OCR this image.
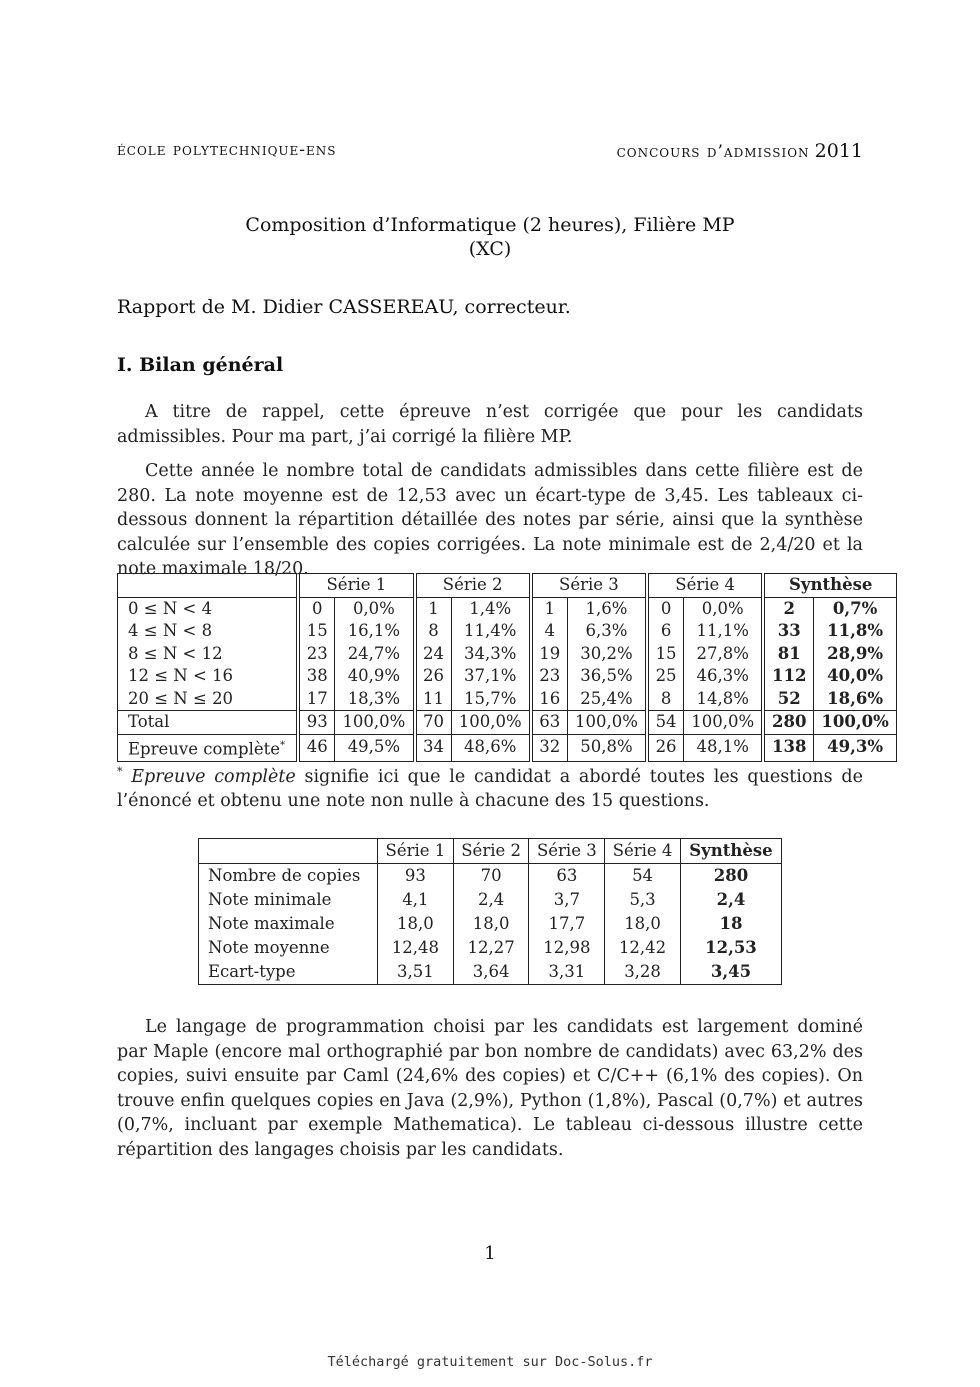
école polytechnique-ens	concours d’admission 2011
Composition d’Informatique (2 heures), Filière MP
(XC)
Rapport de M. Didier CASSEREAU, correcteur.
I. Bilan général
A titre de rappel, cette épreuve n’est corrigée que pour les candidats admissibles. Pour ma part, j’ai corrigé la filière MP.
Cette année le nombre total de candidats admissibles dans cette filière est de 280. La note moyenne est de 12,53 avec un écart-type de 3,45. Les tableaux ci-dessous donnent la répartition détaillée des notes par série, ainsi que la synthèse calculée sur l’ensemble des copies corrigées. La note minimale est de 2,4/20 et la note maximale 18/20.
	Série 1		Série 2		Série 3		Série 4		Synthèse	
0 ≤ N < 4	0	0,0%	1	1,4%	1	1,6%	0	0,0%	2	0,7%
4 ≤ N < 8	15	16,1%	8	11,4%	4	6,3%	6	11,1%	33	11,8%
8 ≤ N < 12	23	24,7%	24	34,3%	19	30,2%	15	27,8%	81	28,9%
12 ≤ N < 16	38	40,9%	26	37,1%	23	36,5%	25	46,3%	112	40,0%
20 ≤ N ≤ 20	17	18,3%	11	15,7%	16	25,4%	8	14,8%	52	18,6%
Total	93	100,0%	70	100,0%	63	100,0%	54	100,0%	280	100,0%
Epreuve complète*	46	49,5%	34	48,6%	32	50,8%	26	48,1%	138	49,3%
* Epreuve complète signifie ici que le candidat a abordé toutes les questions de l’énoncé et obtenu une note non nulle à chacune des 15 questions.
	Série 1	Série 2	Série 3	Série 4	Synthèse
Nombre de copies	93	70	63	54	280
Note minimale	4,1	2,4	3,7	5,3	2,4
Note maximale	18,0	18,0	17,7	18,0	18
Note moyenne	12,48	12,27	12,98	12,42	12,53
Ecart-type	3,51	3,64	3,31	3,28	3,45
Le langage de programmation choisi par les candidats est largement dominé par Maple (encore mal orthographié par bon nombre de candidats) avec 63,2% des copies, suivi ensuite par Caml (24,6% des copies) et C/C++ (6,1% des copies). On trouve enfin quelques copies en Java (2,9%), Python (1,8%), Pascal (0,7%) et autres (0,7%, incluant par exemple Mathematica). Le tableau ci-dessous illustre cette répartition des langages choisis par les candidats.
1
Téléchargé gratuitement sur Doc-Solus.fr
